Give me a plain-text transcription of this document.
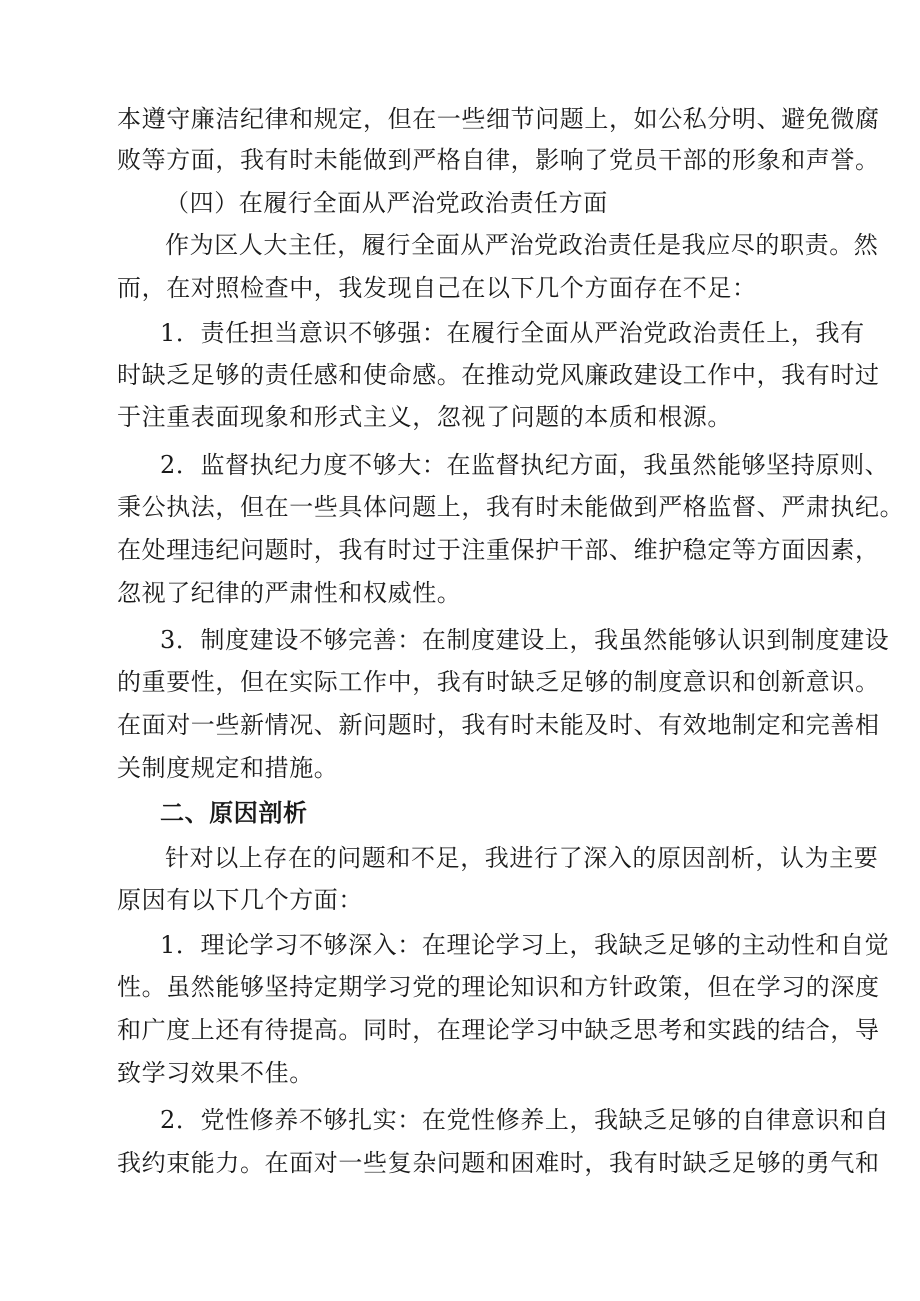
本遵守廉洁纪律和规定，但在一些细节问题上，如公私分明、避免微腐
败等方面，我有时未能做到严格自律，影响了党员干部的形象和声誉。
（四）在履行全面从严治党政治责任方面
作为区人大主任，履行全面从严治党政治责任是我应尽的职责。然
而，在对照检查中，我发现自己在以下几个方面存在不足：
1．责任担当意识不够强：在履行全面从严治党政治责任上，我有
时缺乏足够的责任感和使命感。在推动党风廉政建设工作中，我有时过
于注重表面现象和形式主义，忽视了问题的本质和根源。
2．监督执纪力度不够大：在监督执纪方面，我虽然能够坚持原则、
秉公执法，但在一些具体问题上，我有时未能做到严格监督、严肃执纪。
在处理违纪问题时，我有时过于注重保护干部、维护稳定等方面因素，
忽视了纪律的严肃性和权威性。
3．制度建设不够完善：在制度建设上，我虽然能够认识到制度建设
的重要性，但在实际工作中，我有时缺乏足够的制度意识和创新意识。
在面对一些新情况、新问题时，我有时未能及时、有效地制定和完善相
关制度规定和措施。
二、原因剖析
针对以上存在的问题和不足，我进行了深入的原因剖析，认为主要
原因有以下几个方面：
1．理论学习不够深入：在理论学习上，我缺乏足够的主动性和自觉
性。虽然能够坚持定期学习党的理论知识和方针政策，但在学习的深度
和广度上还有待提高。同时，在理论学习中缺乏思考和实践的结合，导
致学习效果不佳。
2．党性修养不够扎实：在党性修养上，我缺乏足够的自律意识和自
我约束能力。在面对一些复杂问题和困难时，我有时缺乏足够的勇气和
